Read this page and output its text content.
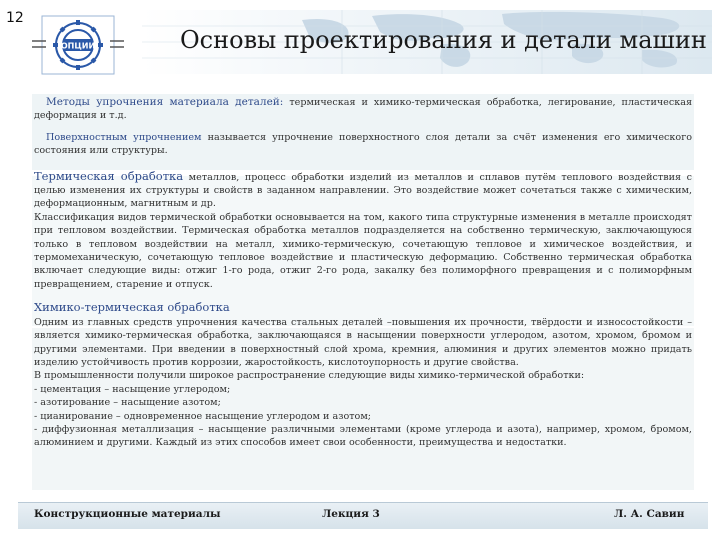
12
ОПЦИИ	Основы проектирования и детали машин

Методы упрочнения материала деталей: термическая и химико-термическая обработка, легирование, пластическая деформация и т.д.

Поверхностным упрочнением называется упрочнение поверхностного слоя детали за счёт изменения его химического состояния или структуры.

Термическая обработка металлов, процесс обработки изделий из металлов и сплавов путём теплового воздействия с целью изменения их структуры и свойств в заданном направлении. Это воздействие может сочетаться также с химическим, деформационным, магнитным и др.

Классификация видов термической обработки основывается на том, какого типа структурные изменения в металле происходят при тепловом воздействии. Термическая обработка металлов подразделяется на собственно термическую, заключающуюся только в тепловом воздействии на металл, химико-термическую, сочетающую тепловое и химическое воздействия, и термомеханическую, сочетающую тепловое воздействие и пластическую деформацию. Собственно термическая обработка включает следующие виды: отжиг 1-го рода, отжиг 2-го рода, закалку без полиморфного превращения и с полиморфным превращением, старение и отпуск.

Химико-термическая обработка

Одним из главных средств упрочнения качества стальных деталей –повышения их прочности, твёрдости и износостойкости – является химико-термическая обработка, заключающаяся в насыщении поверхности углеродом, азотом, хромом, бромом и другими элементами. При введении в поверхностный слой хрома, кремния, алюминия и других элементов можно придать изделию устойчивость против коррозии, жаростойкость, кислотоупорность и другие свойства.

В промышленности получили широкое распространение следующие виды химико-термической обработки:

- цементация – насыщение углеродом;

- азотирование – насыщение азотом;

- цианирование – одновременное насыщение углеродом и азотом;

- диффузионная металлизация – насыщение различными элементами (кроме углерода и азота), например, хромом, бромом, алюминием и другими. Каждый из этих способов имеет свои особенности, преимущества и недостатки.

Конструкционные материалы	Лекция 3	Л. А. Савин
